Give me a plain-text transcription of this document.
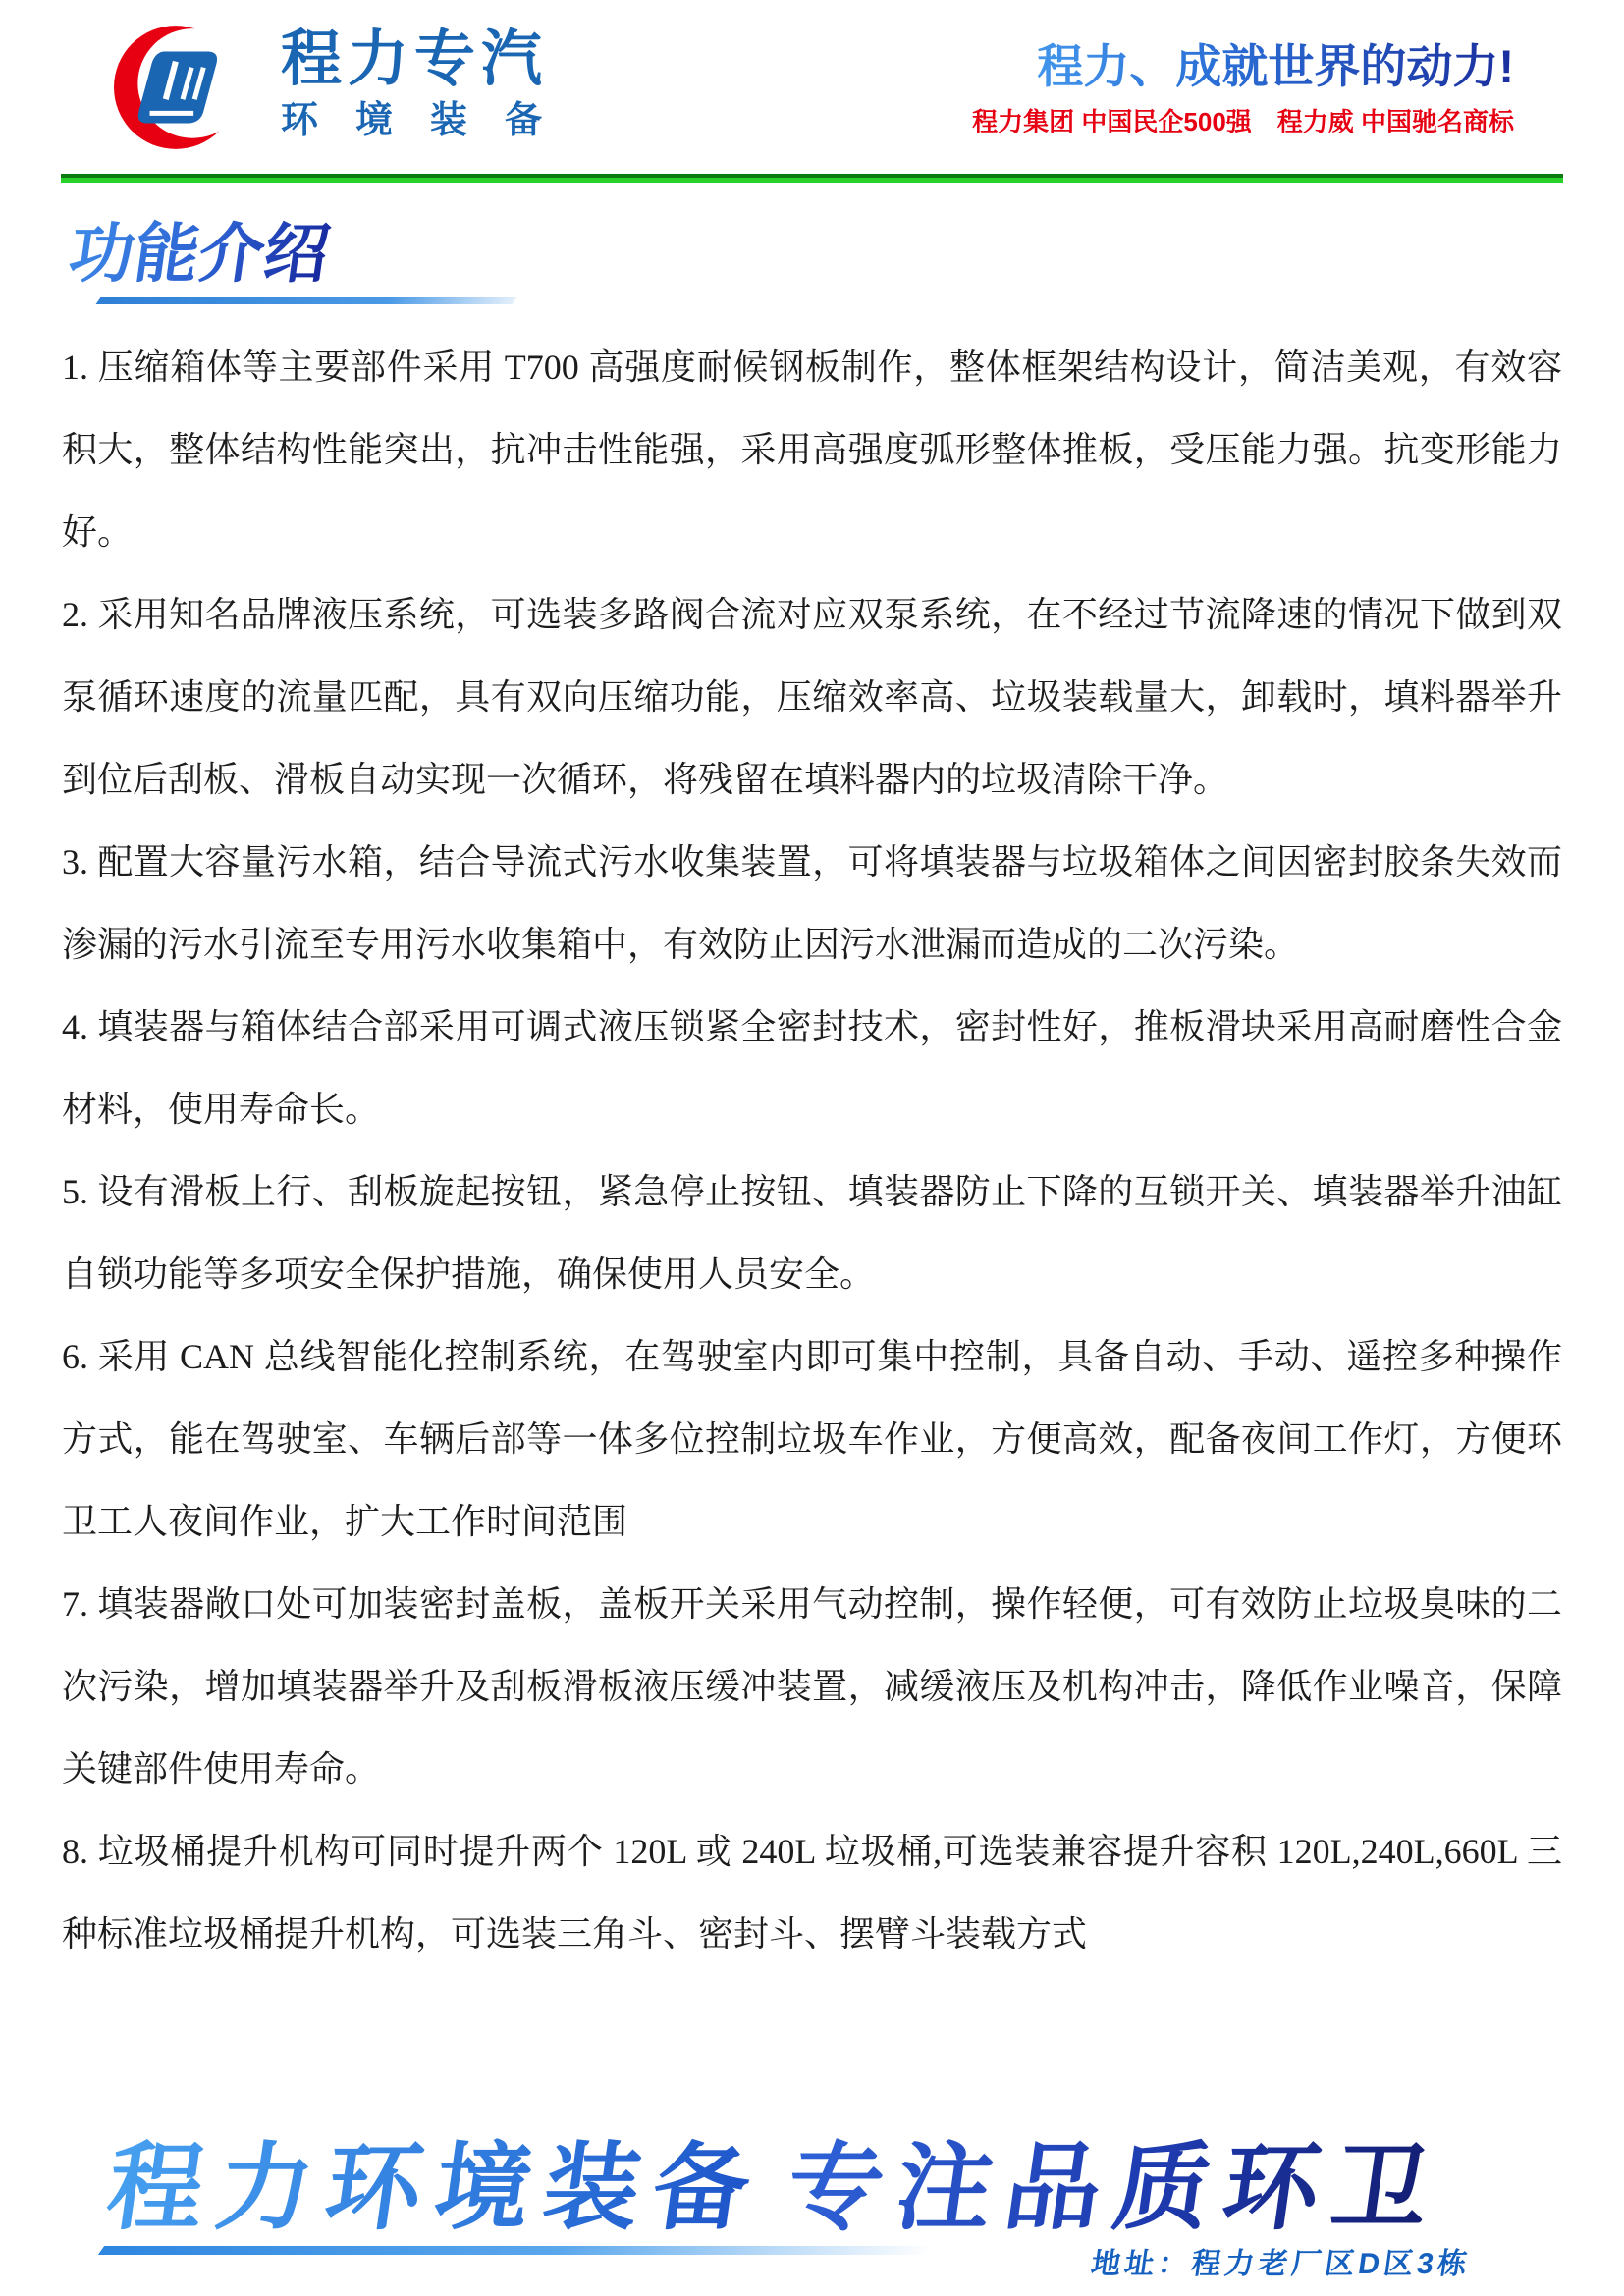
程力专汽
环境装备
程力、成就世界的动力!
程力集团 中国民企500强　程力威 中国驰名商标
功能介绍

1. 压缩箱体等主要部件采用 T700 高强度耐候钢板制作，整体框架结构设计，简洁美观，有效容积大，整体结构性能突出，抗冲击性能强，采用高强度弧形整体推板，受压能力强。抗变形能力好。

2. 采用知名品牌液压系统，可选装多路阀合流对应双泵系统，在不经过节流降速的情况下做到双泵循环速度的流量匹配，具有双向压缩功能，压缩效率高、垃圾装载量大，卸载时，填料器举升到位后刮板、滑板自动实现一次循环，将残留在填料器内的垃圾清除干净。

3. 配置大容量污水箱，结合导流式污水收集装置，可将填装器与垃圾箱体之间因密封胶条失效而渗漏的污水引流至专用污水收集箱中，有效防止因污水泄漏而造成的二次污染。

4. 填装器与箱体结合部采用可调式液压锁紧全密封技术，密封性好，推板滑块采用高耐磨性合金材料，使用寿命长。

5. 设有滑板上行、刮板旋起按钮，紧急停止按钮、填装器防止下降的互锁开关、填装器举升油缸自锁功能等多项安全保护措施，确保使用人员安全。

6. 采用 CAN 总线智能化控制系统，在驾驶室内即可集中控制，具备自动、手动、遥控多种操作方式，能在驾驶室、车辆后部等一体多位控制垃圾车作业，方便高效，配备夜间工作灯，方便环卫工人夜间作业，扩大工作时间范围

7. 填装器敞口处可加装密封盖板，盖板开关采用气动控制，操作轻便，可有效防止垃圾臭味的二次污染，增加填装器举升及刮板滑板液压缓冲装置，减缓液压及机构冲击，降低作业噪音，保障关键部件使用寿命。

8. 垃圾桶提升机构可同时提升两个 120L 或 240L 垃圾桶,可选装兼容提升容积 120L,240L,660L 三种标准垃圾桶提升机构，可选装三角斗、密封斗、摆臂斗装载方式

程力环境装备 专注品质环卫
地址：程力老厂区D区3栋
